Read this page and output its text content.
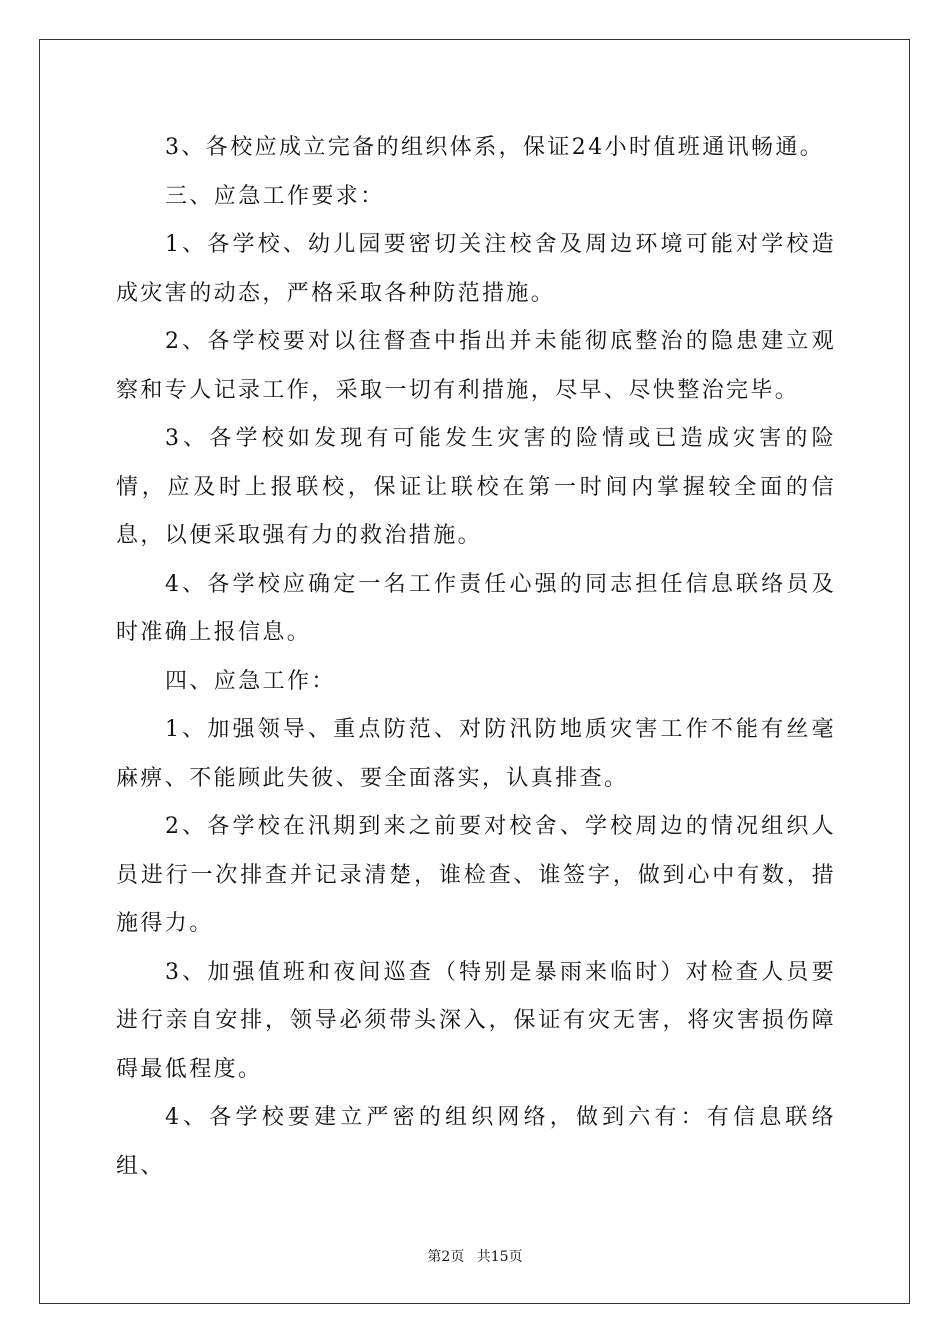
3、各校应成立完备的组织体系，保证24小时值班通讯畅通。

三、应急工作要求：

1、各学校、幼儿园要密切关注校舍及周边环境可能对学校造成灾害的动态，严格采取各种防范措施。

2、各学校要对以往督查中指出并未能彻底整治的隐患建立观察和专人记录工作，采取一切有利措施，尽早、尽快整治完毕。

3、各学校如发现有可能发生灾害的险情或已造成灾害的险情，应及时上报联校，保证让联校在第一时间内掌握较全面的信息，以便采取强有力的救治措施。

4、各学校应确定一名工作责任心强的同志担任信息联络员及时准确上报信息。

四、应急工作：

1、加强领导、重点防范、对防汛防地质灾害工作不能有丝毫麻痹、不能顾此失彼、要全面落实，认真排查。

2、各学校在汛期到来之前要对校舍、学校周边的情况组织人员进行一次排查并记录清楚，谁检查、谁签字，做到心中有数，措施得力。

3、加强值班和夜间巡查（特别是暴雨来临时）对检查人员要进行亲自安排，领导必须带头深入，保证有灾无害，将灾害损伤障碍最低程度。

4、各学校要建立严密的组织网络，做到六有：有信息联络组、

第2页 共15页
